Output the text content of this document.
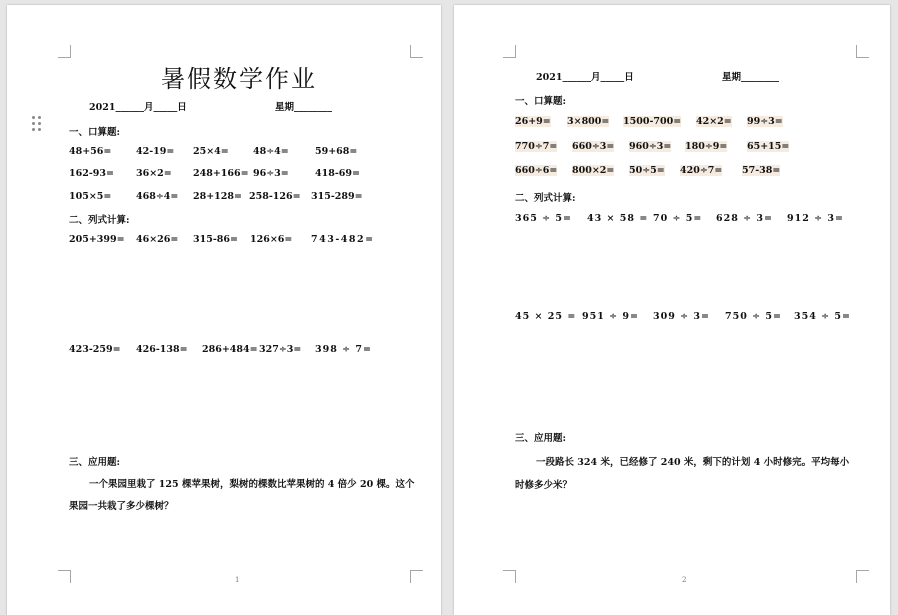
暑假数学作业
2021______月_____日	星期________
一、口算题:
48+56=	42-19= 25×4=	48÷4=	59+68=
162-93= 36×2= 248+166= 96÷3=	418-69=
105×5=	468÷4= 28+128= 258-126= 315-289=
二、列式计算:
205+399= 46×26= 315-86= 126×6= 743-482=
423-259= 426-138= 286+484= 327÷3= 398 ÷ 7=
三、应用题:
一个果园里栽了 125 棵苹果树，梨树的棵数比苹果树的 4 倍少 20 棵。这个
果园一共栽了多少棵树？
1
2021______月_____日	星期________
一、口算题:
26+9= 3×800= 1500-700= 42×2= 99÷3=
770÷7= 660÷3= 960÷3= 180÷9= 65+15=
660÷6= 800×2= 50÷5= 420÷7= 57-38=
二、列式计算:
365 ÷ 5= 43 × 58 = 70 ÷ 5= 628 ÷ 3= 912 ÷ 3=
45 × 25 = 951 ÷ 9= 309 ÷ 3= 750 ÷ 5= 354 ÷ 5=
三、应用题:
一段路长 324 米，已经修了 240 米，剩下的计划 4 小时修完。平均每小
时修多少米？
2
